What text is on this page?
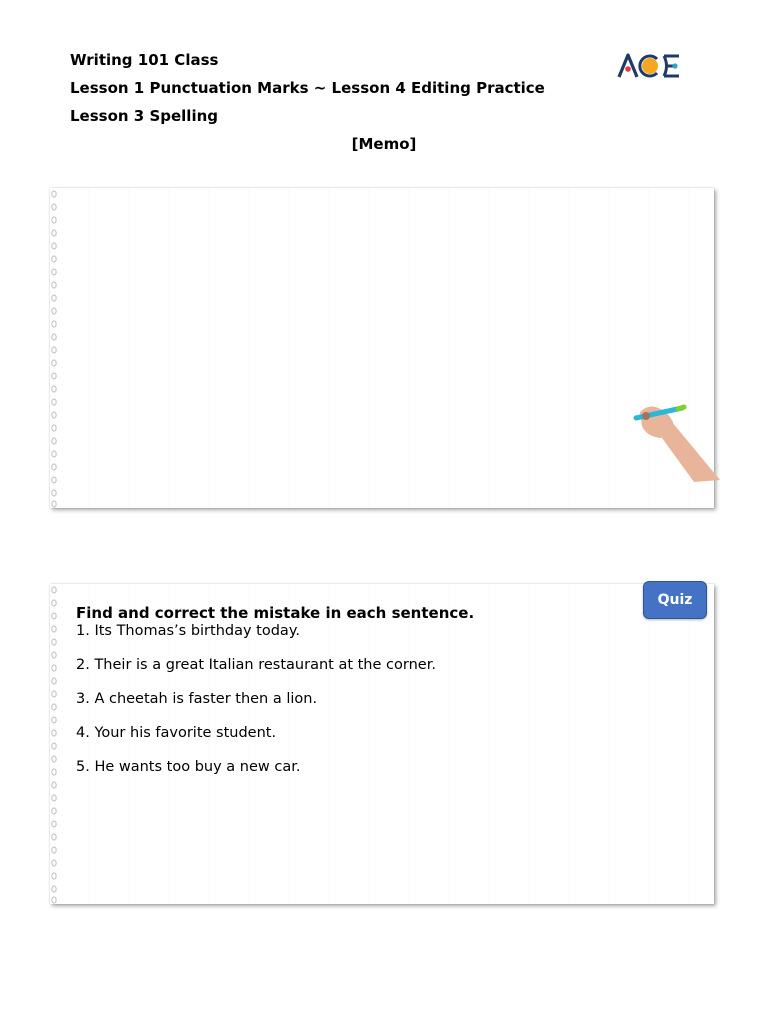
Writing 101 Class
Lesson 1 Punctuation Marks ~ Lesson 4 Editing Practice
Lesson 3 Spelling
[Memo]
Find and correct the mistake in each sentence.
1. Its Thomas’s birthday today.
2. Their is a great Italian restaurant at the corner.
3. A cheetah is faster then a lion.
4. Your his favorite student.
5. He wants too buy a new car.
Quiz
